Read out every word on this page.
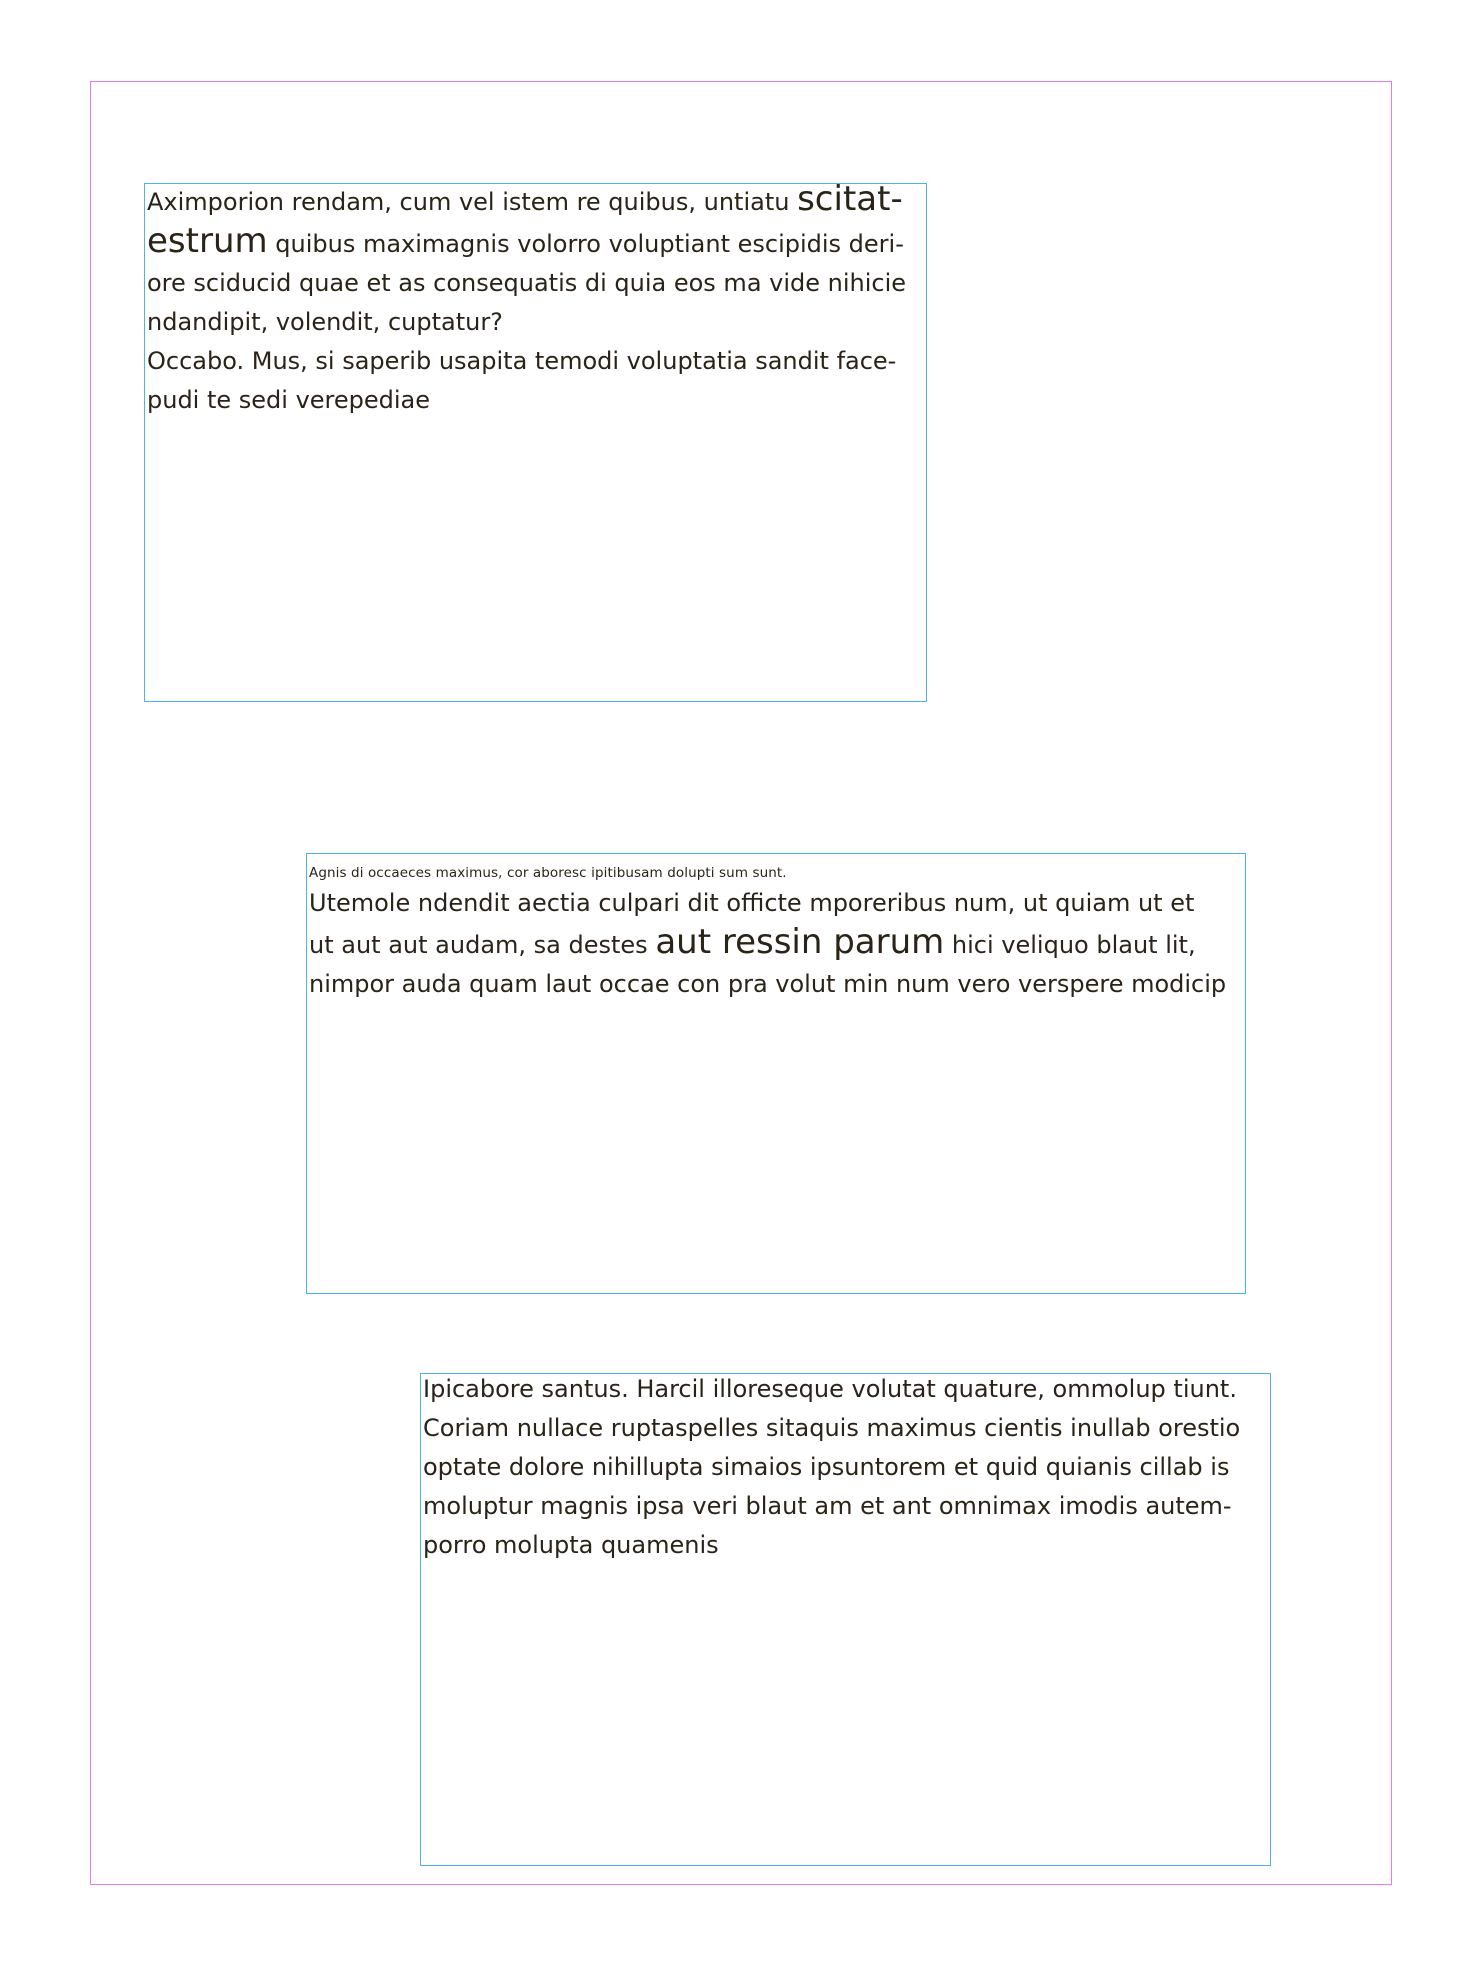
Aximporion rendam, cum vel istem re quibus, untiatu scitat-
estrum quibus maximagnis volorro voluptiant escipidis deri-
ore sciducid quae et as consequatis di quia eos ma vide nihicie
ndandipit, volendit, cuptatur?

Occabo. Mus, si saperib usapita temodi voluptatia sandit face-
pudi te sedi verepediae

Agnis di occaeces maximus, cor aboresc ipitibusam dolupti sum sunt.

Utemole ndendit aectia culpari dit officte mporeribus num, ut quiam ut et
ut aut aut audam, sa destes aut ressin parum hici veliquo blaut lit,
nimpor auda quam laut occae con pra volut min num vero verspere modicip

Ipicabore santus. Harcil illoreseque volutat quature, ommolup tiunt.
Coriam nullace ruptaspelles sitaquis maximus cientis inullab orestio
optate dolore nihillupta simaios ipsuntorem et quid quianis cillab is
moluptur magnis ipsa veri blaut am et ant omnimax imodis autem-
porro molupta quamenis
